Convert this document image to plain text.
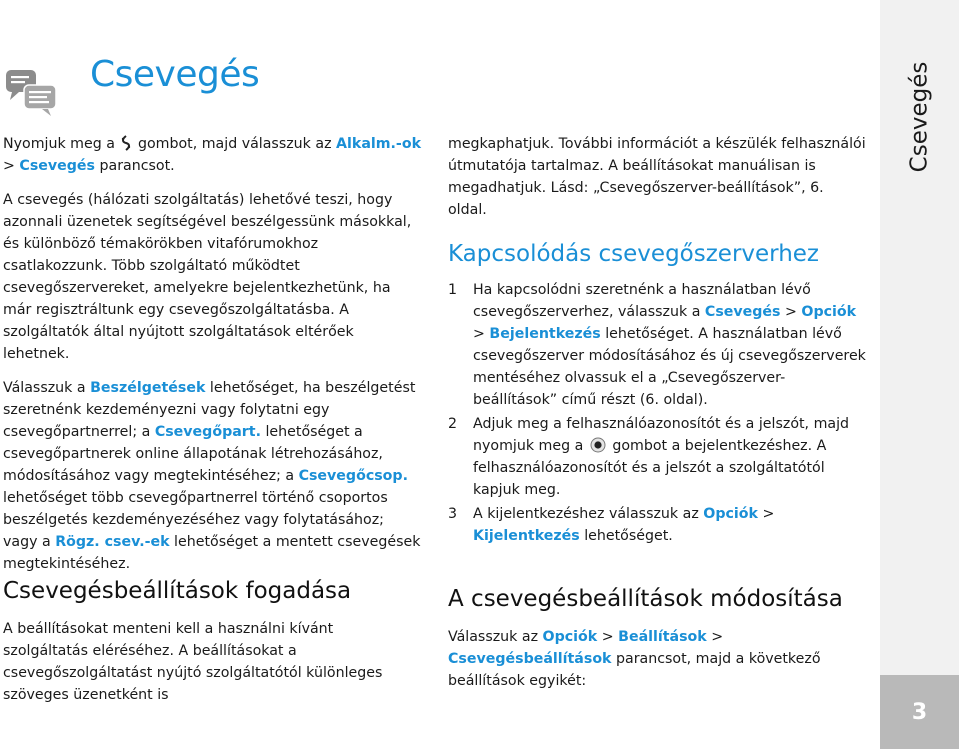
Csevegés

Nyomjuk meg a  gombot, majd válasszuk az Alkalm.-ok > Csevegés parancsot.

A csevegés (hálózati szolgáltatás) lehetővé teszi, hogy azonnali üzenetek segítségével beszélgessünk másokkal, és különböző témakörökben vitafórumokhoz csatlakozzunk. Több szolgáltató működtet csevegőszervereket, amelyekre bejelentkezhetünk, ha már regisztráltunk egy csevegőszolgáltatásba. A szolgáltatók által nyújtott szolgáltatások eltérőek lehetnek.

Válasszuk a Beszélgetések lehetőséget, ha beszélgetést szeretnénk kezdeményezni vagy folytatni egy csevegőpartnerrel; a Csevegőpart. lehetőséget a csevegőpartnerek online állapotának létrehozásához, módosításához vagy megtekintéséhez; a Csevegőcsop. lehetőséget több csevegőpartnerrel történő csoportos beszélgetés kezdeményezéséhez vagy folytatásához; vagy a Rögz. csev.-ek lehetőséget a mentett csevegések megtekintéséhez.

Csevegésbeállítások fogadása

A beállításokat menteni kell a használni kívánt szolgáltatás eléréséhez. A beállításokat a csevegőszolgáltatást nyújtó szolgáltatótól különleges szöveges üzenetként is

megkaphatjuk. További információt a készülék felhasználói útmutatója tartalmaz. A beállításokat manuálisan is megadhatjuk. Lásd: „Csevegőszerver-beállítások”, 6. oldal.

Kapcsolódás csevegőszerverhez
1 Ha kapcsolódni szeretnénk a használatban lévő csevegőszerverhez, válasszuk a Csevegés > Opciók > Bejelentkezés lehetőséget. A használatban lévő csevegőszerver módosításához és új csevegőszerverek mentéséhez olvassuk el a „Csevegőszerver-beállítások” című részt (6. oldal).
2 Adjuk meg a felhasználóazonosítót és a jelszót, majd nyomjuk meg a gombot a bejelentkezéshez. A felhasználóazonosítót és a jelszót a szolgáltatótól kapjuk meg.
3 A kijelentkezéshez válasszuk az Opciók > Kijelentkezés lehetőséget.
A csevegésbeállítások módosítása

Válasszuk az Opciók > Beállítások > Csevegésbeállítások parancsot, majd a következő beállítások egyikét:

Csevegés
3
